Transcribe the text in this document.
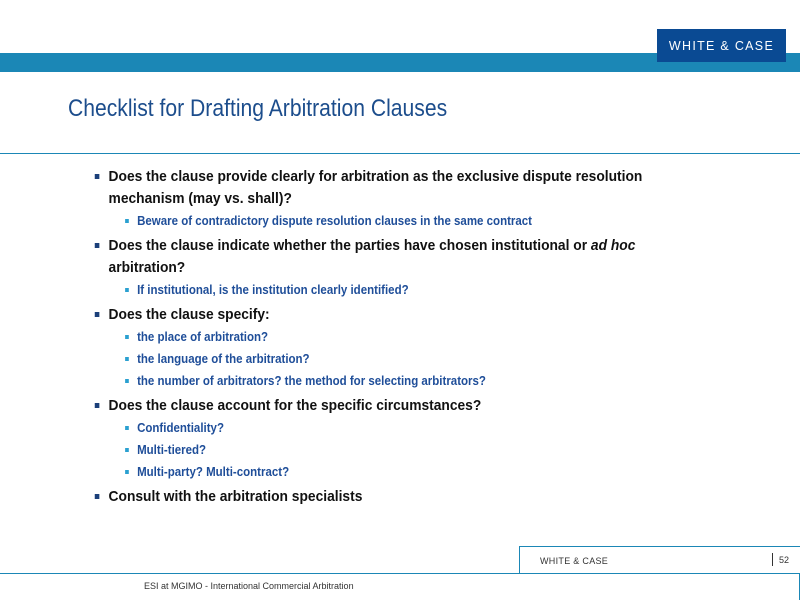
WHITE & CASE
Checklist for Drafting Arbitration Clauses
Does the clause provide clearly for arbitration as the exclusive dispute resolution mechanism (may vs. shall)?
Beware of contradictory dispute resolution clauses in the same contract
Does the clause indicate whether the parties have chosen institutional or ad hoc arbitration?
If institutional, is the institution clearly identified?
Does the clause specify:
the place of arbitration?
the language of the arbitration?
the number of arbitrators? the method for selecting arbitrators?
Does the clause account for the specific circumstances?
Confidentiality?
Multi-tiered?
Multi-party? Multi-contract?
Consult with the arbitration specialists
WHITE & CASE	52
ESI at MGIMO - International Commercial Arbitration
